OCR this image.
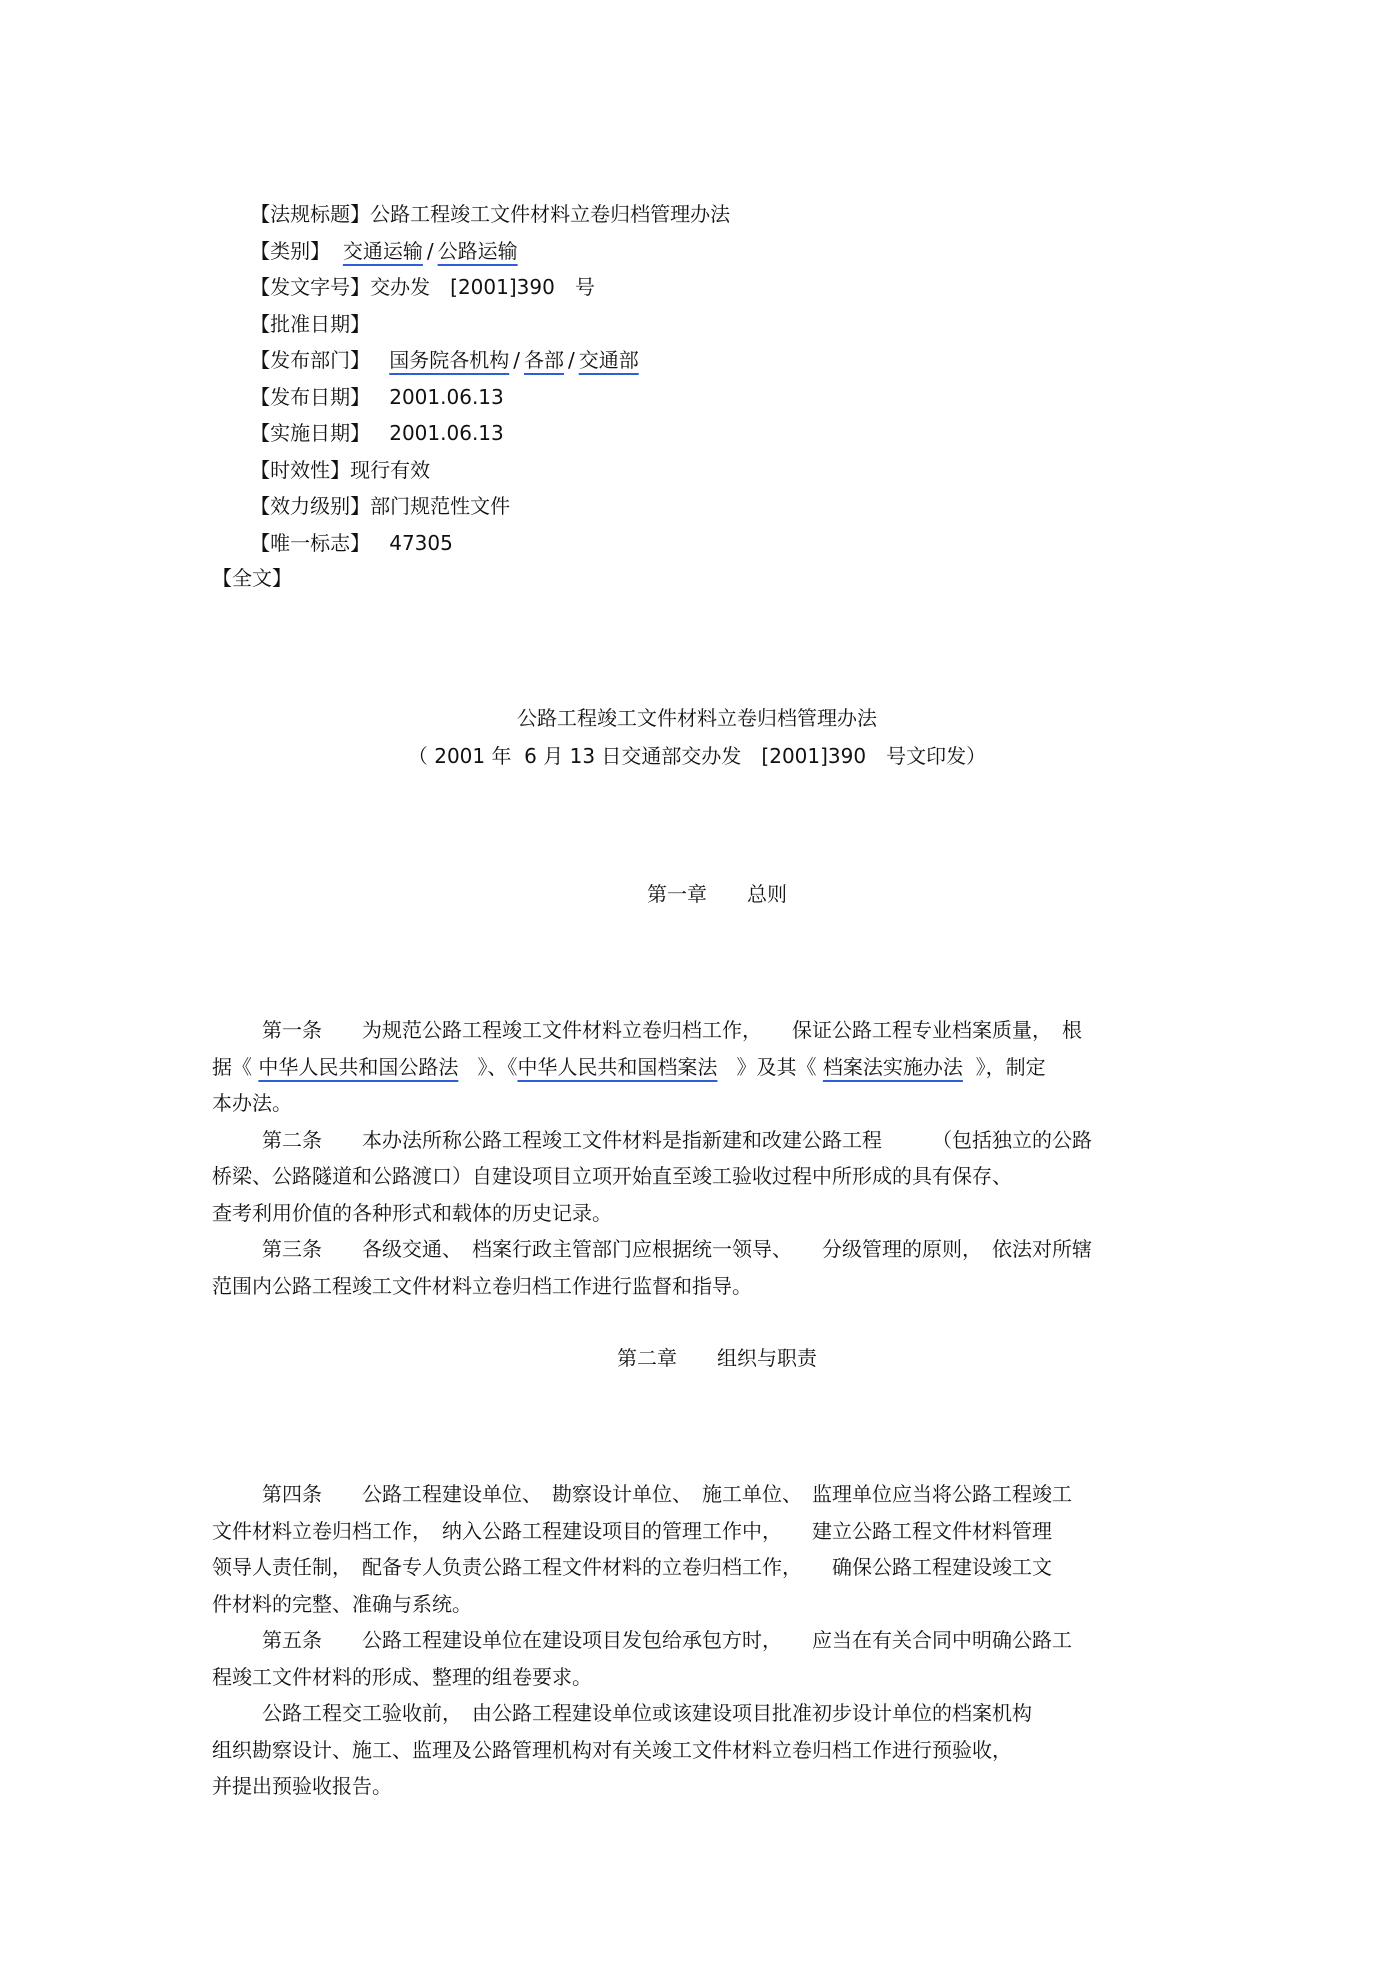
【法规标题】公路工程竣工文件材料立卷归档管理办法

【类别】 交通运输 / 公路运输

【发文字号】交办发　[2001]390　号

【批准日期】

【发布部门】 国务院各机构 / 各部 / 交通部

【发布日期】 2001.06.13

【实施日期】 2001.06.13

【时效性】现行有效

【效力级别】部门规范性文件

【唯一标志】 47305

【全文】
公路工程竣工文件材料立卷归档管理办法
（ 2001 年  6 月 13 日交通部交办发　[2001]390　号文印发）
第一章　　总则
第一条　　为规范公路工程竣工文件材料立卷归档工作，　　保证公路工程专业档案质量，　根
据《 中华人民共和国公路法 》、《中华人民共和国档案法 》及其《 档案法实施办法 》，制定
本办法。
第二条　　本办法所称公路工程竣工文件材料是指新建和改建公路工程　　　（包括独立的公路
桥梁、公路隧道和公路渡口）自建设项目立项开始直至竣工验收过程中所形成的具有保存、
查考利用价值的各种形式和载体的历史记录。
第三条　　各级交通、　档案行政主管部门应根据统一领导、　　分级管理的原则，　依法对所辖
范围内公路工程竣工文件材料立卷归档工作进行监督和指导。
第二章　　组织与职责
第四条　　公路工程建设单位、　勘察设计单位、　施工单位、　监理单位应当将公路工程竣工
文件材料立卷归档工作，　纳入公路工程建设项目的管理工作中，　　建立公路工程文件材料管理
领导人责任制，　配备专人负责公路工程文件材料的立卷归档工作，　　确保公路工程建设竣工文
件材料的完整、准确与系统。
第五条　　公路工程建设单位在建设项目发包给承包方时，　　应当在有关合同中明确公路工
程竣工文件材料的形成、整理的组卷要求。
公路工程交工验收前，　由公路工程建设单位或该建设项目批准初步设计单位的档案机构
组织勘察设计、施工、监理及公路管理机构对有关竣工文件材料立卷归档工作进行预验收，
并提出预验收报告。
